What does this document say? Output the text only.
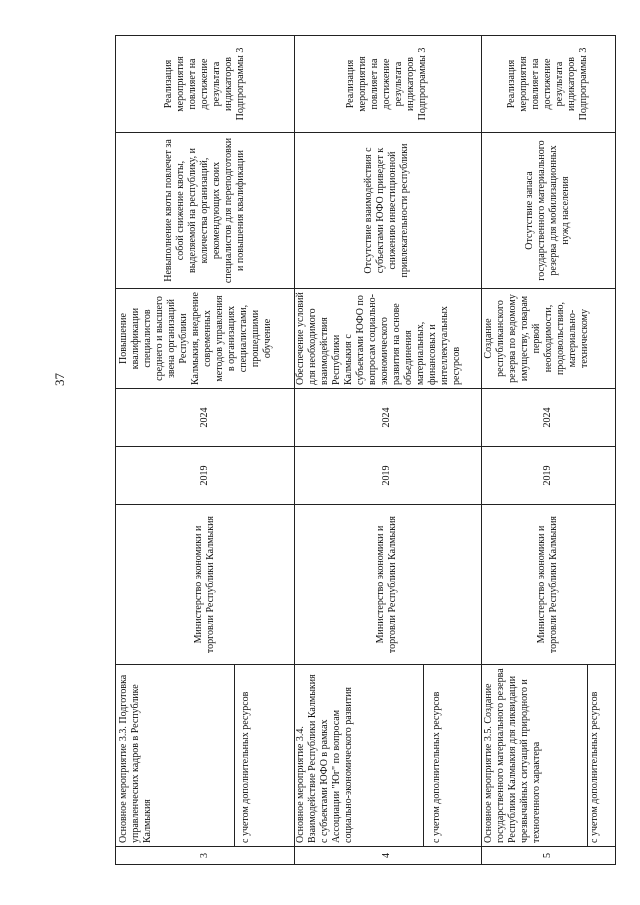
37
3
Основное мероприятие 3.3. Подготовка управленческих кадров в Республике Калмыкия	с учетом дополнительных ресурсов
Министерство экономики и торговли Республики Калмыкия
2019
2024
Повышение квалификации специалистов среднего и высшего звена организаций Республики Калмыкия, внедрение современных методов управления в организациях специалистами, прошедшими обучение
Невыполнение квоты повлечет за собой снижение квоты, выделяемой на республику, и количества организаций, рекомендующих своих специалистов для переподготовки и повышения квалификации
Реализация мероприятия повлияет на достижение результата индикаторов Подпрограммы 3
4
Основное мероприятие 3.4. Взаимодействие Республики Калмыкия с субъектами ЮФО в рамках Ассоциации "Юг" по вопросам социально-экономического развития	с учетом дополнительных ресурсов
Министерство экономики и торговли Республики Калмыкия
2019
2024
Обеспечение условий для необходимого взаимодействия Республики Калмыкия с субъектами ЮФО по вопросам социально-экономического развития на основе объединения материальных, финансовых и интеллектуальных ресурсов
Отсутствие взаимодействия с субъектами ЮФО приведет к снижению инвестиционной привлекательности республики
Реализация мероприятия повлияет на достижение результата индикаторов Подпрограммы 3
5
Основное мероприятие 3.5. Создание государственного материального резерва Республики Калмыкия для ликвидации чрезвычайных ситуаций природного и техногенного характера	с учетом дополнительных ресурсов
Министерство экономики и торговли Республики Калмыкия
2019
2024
Создание республиканского резерва по ведомому имуществу, товарам первой необходимости, продовольствию, материально-техническому
Отсутствие запаса государственного материального резерва для мобилизационных нужд населения
Реализация мероприятия повлияет на достижение результата индикаторов Подпрограммы 3
